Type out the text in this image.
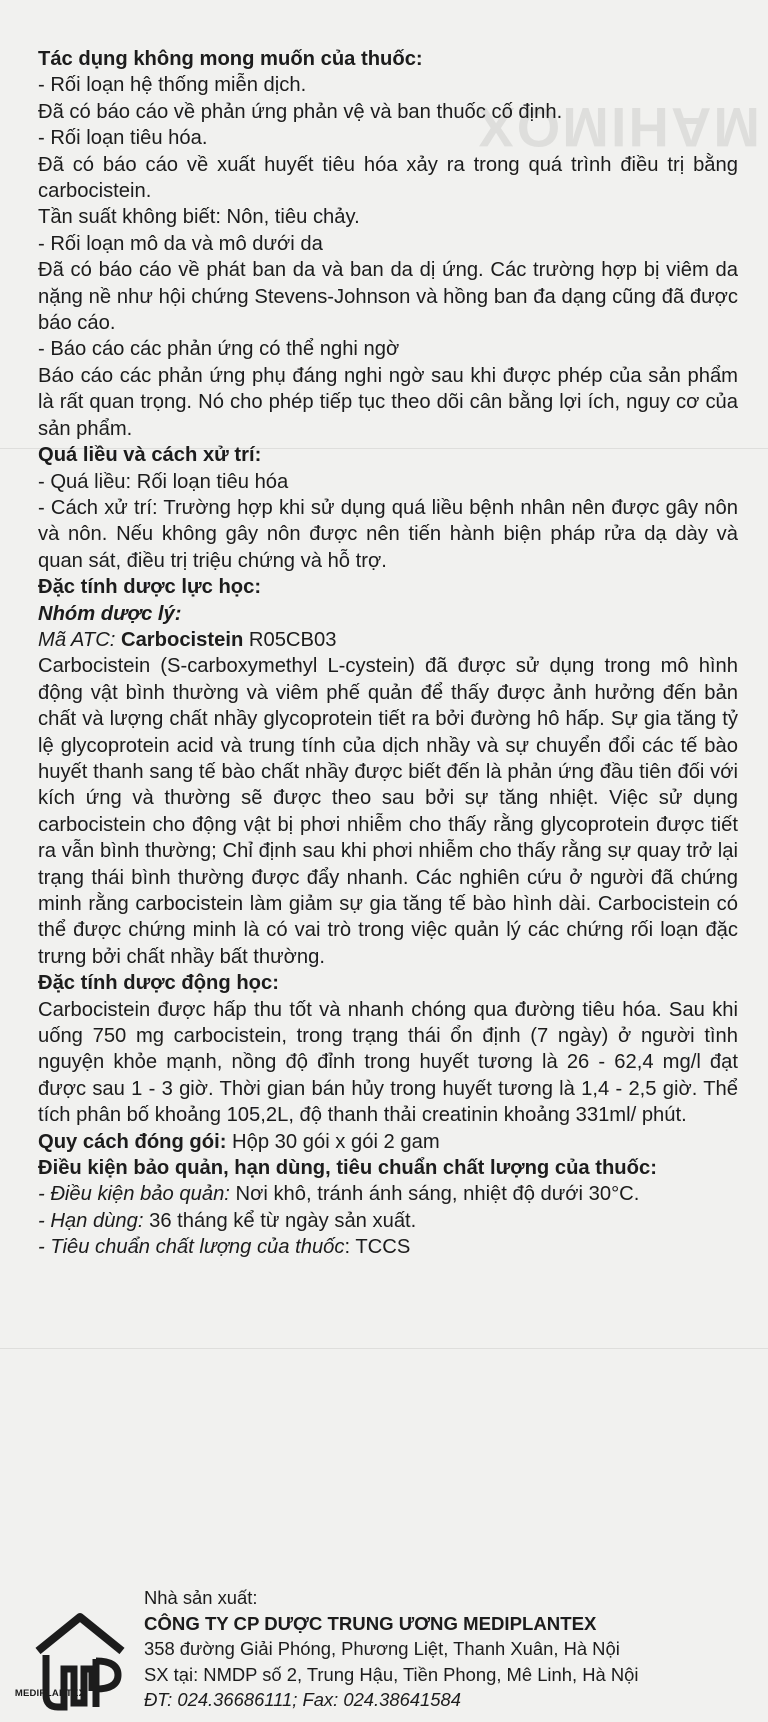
MAHIMOX

Tác dụng không mong muốn của thuốc:

- Rối loạn hệ thống miễn dịch.

Đã có báo cáo về phản ứng phản vệ và ban thuốc cố định.

- Rối loạn tiêu hóa.

Đã có báo cáo về xuất huyết tiêu hóa xảy ra trong quá trình điều trị bằng carbocistein.

Tần suất không biết: Nôn, tiêu chảy.

- Rối loạn mô da và mô dưới da

Đã có báo cáo về phát ban da và ban da dị ứng. Các trường hợp bị viêm da nặng nề như hội chứng Stevens-Johnson và hồng ban đa dạng cũng đã được báo cáo.

- Báo cáo các phản ứng có thể nghi ngờ

Báo cáo các phản ứng phụ đáng nghi ngờ sau khi được phép của sản phẩm là rất quan trọng. Nó cho phép tiếp tục theo dõi cân bằng lợi ích, nguy cơ của sản phẩm.

Quá liều và cách xử trí:

- Quá liều: Rối loạn tiêu hóa

- Cách xử trí: Trường hợp khi sử dụng quá liều bệnh nhân nên được gây nôn và nôn. Nếu không gây nôn được nên tiến hành biện pháp rửa dạ dày và quan sát, điều trị triệu chứng và hỗ trợ.

Đặc tính dược lực học:

Nhóm dược lý:

Mã ATC: Carbocistein R05CB03

Carbocistein (S-carboxymethyl L-cystein) đã được sử dụng trong mô hình động vật bình thường và viêm phế quản để thấy được ảnh hưởng đến bản chất và lượng chất nhầy glycoprotein tiết ra bởi đường hô hấp. Sự gia tăng tỷ lệ glycoprotein acid và trung tính của dịch nhầy và sự chuyển đổi các tế bào huyết thanh sang tế bào chất nhầy được biết đến là phản ứng đầu tiên đối với kích ứng và thường sẽ được theo sau bởi sự tăng nhiệt. Việc sử dụng carbocistein cho động vật bị phơi nhiễm cho thấy rằng glycoprotein được tiết ra vẫn bình thường; Chỉ định sau khi phơi nhiễm cho thấy rằng sự quay trở lại trạng thái bình thường được đẩy nhanh. Các nghiên cứu ở người đã chứng minh rằng carbocistein làm giảm sự gia tăng tế bào hình dài. Carbocistein có thể được chứng minh là có vai trò trong việc quản lý các chứng rối loạn đặc trưng bởi chất nhầy bất thường.

Đặc tính dược động học:

Carbocistein được hấp thu tốt và nhanh chóng qua đường tiêu hóa. Sau khi uống 750 mg carbocistein, trong trạng thái ổn định (7 ngày) ở người tình nguyện khỏe mạnh, nồng độ đỉnh trong huyết tương là 26 - 62,4 mg/l đạt được sau 1 - 3 giờ. Thời gian bán hủy trong huyết tương là 1,4 - 2,5 giờ. Thể tích phân bố khoảng 105,2L, độ thanh thải creatinin khoảng 331ml/ phút.

Quy cách đóng gói: Hộp 30 gói x gói 2 gam

Điều kiện bảo quản, hạn dùng, tiêu chuẩn chất lượng của thuốc:

- Điều kiện bảo quản: Nơi khô, tránh ánh sáng, nhiệt độ dưới 30°C.

- Hạn dùng: 36 tháng kể từ ngày sản xuất.

- Tiêu chuẩn chất lượng của thuốc: TCCS

Nhà sản xuất:

CÔNG TY CP DƯỢC TRUNG ƯƠNG MEDIPLANTEX

358 đường Giải Phóng, Phương Liệt, Thanh Xuân, Hà Nội

SX tại: NMDP số 2, Trung Hậu, Tiền Phong, Mê Linh, Hà Nội

ĐT: 024.36686111; Fax: 024.38641584

MEDIPLANTEX
